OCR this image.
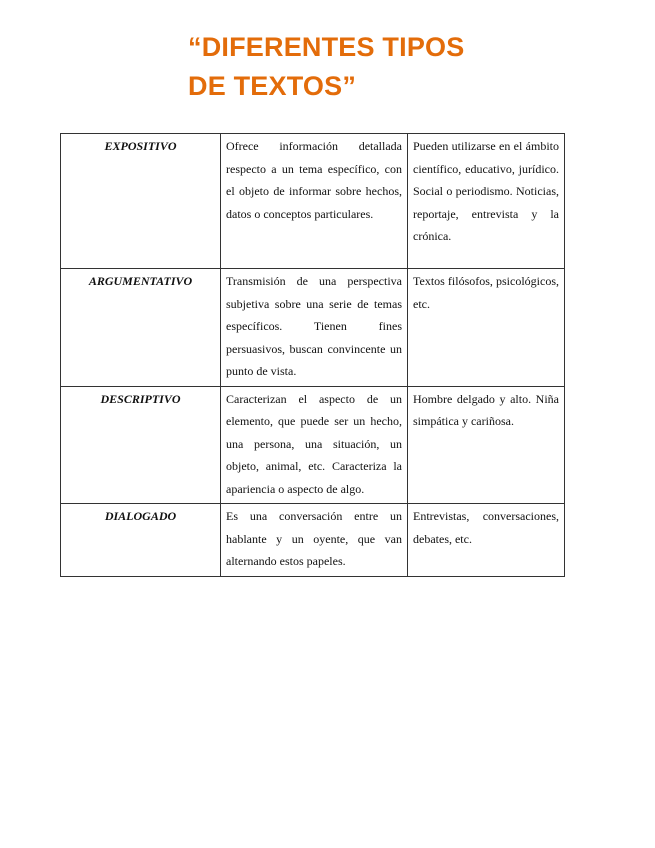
“DIFERENTES TIPOS
DE TEXTOS”
EXPOSITIVO	Ofrece información detallada respecto a un tema específico, con el objeto de informar sobre hechos, datos o conceptos particulares.	Pueden utilizarse en el ámbito científico, educativo, jurídico. Social o periodismo. Noticias, reportaje, entrevista y la crónica.
ARGUMENTATIVO	Transmisión de una perspectiva subjetiva sobre una serie de temas específicos. Tienen fines persuasivos, buscan convincente un punto de vista.	Textos filósofos, psicológicos, etc.
DESCRIPTIVO	Caracterizan el aspecto de un elemento, que puede ser un hecho, una persona, una situación, un objeto, animal, etc. Caracteriza la apariencia o aspecto de algo.	Hombre delgado y alto. Niña simpática y cariñosa.
DIALOGADO	Es una conversación entre un hablante y un oyente, que van alternando estos papeles.	Entrevistas, conversaciones, debates, etc.
